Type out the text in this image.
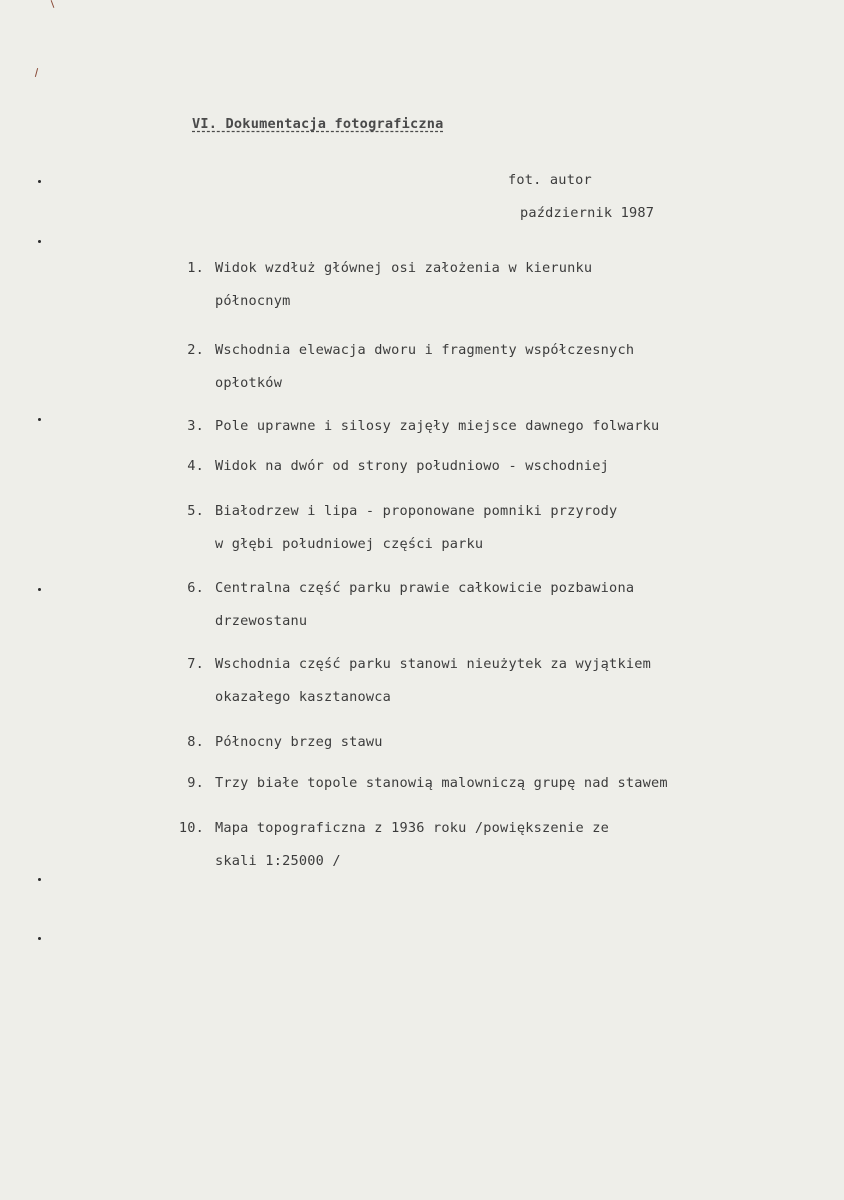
VI. Dokumentacja fotograficzna
fot. autor
październik 1987
1. Widok wzdłuż głównej osi założenia w kierunku
północnym
2. Wschodnia elewacja dworu i fragmenty współczesnych
opłotków
3. Pole uprawne i silosy zajęły miejsce dawnego folwarku
4. Widok na dwór od strony południowo - wschodniej
5. Białodrzew i lipa - proponowane pomniki przyrody
w głębi południowej części parku
6. Centralna część parku prawie całkowicie pozbawiona
drzewostanu
7. Wschodnia część parku stanowi nieużytek za wyjątkiem
okazałego kasztanowca
8. Północny brzeg stawu
9. Trzy białe topole stanowią malowniczą grupę nad stawem
10. Mapa topograficzna z 1936 roku /powiększenie ze
skali 1:25000 /
